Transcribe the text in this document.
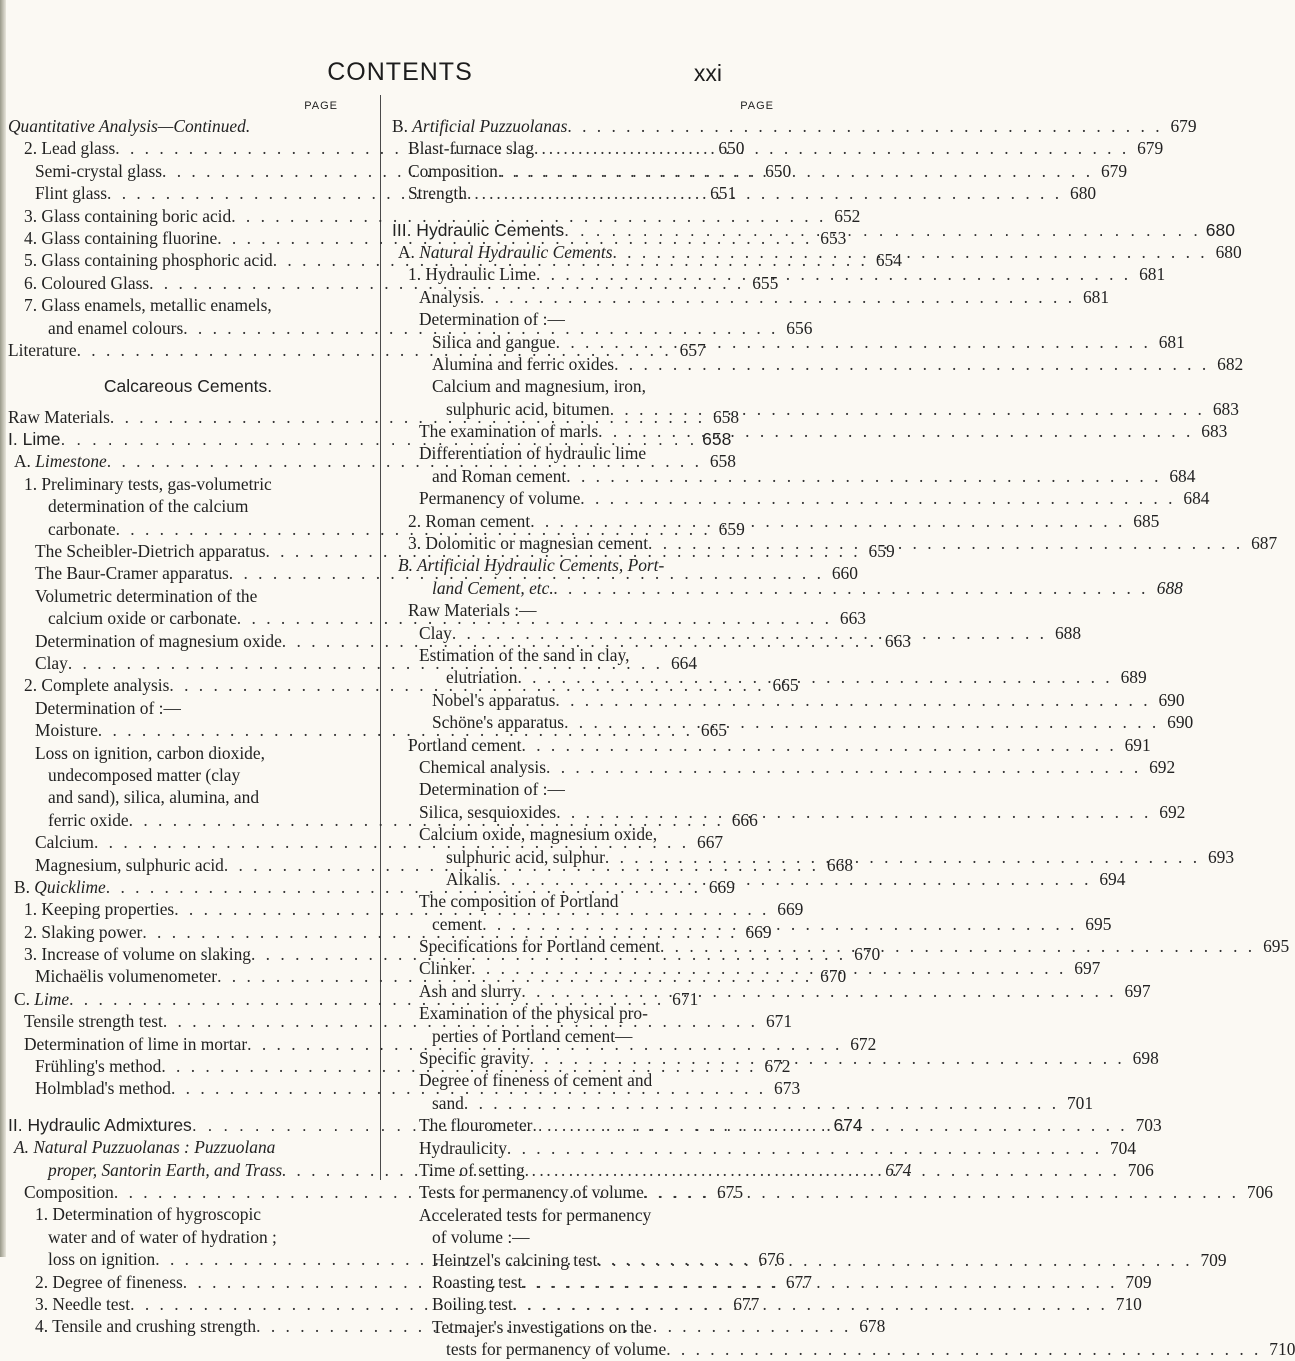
CONTENTS	xxi
PAGE
Quantitative Analysis—Continued.
2. Lead glass . . .	650
Semi-crystal glass . . .	650
Flint glass . . .	651
3. Glass containing boric acid . . .	652
4. Glass containing fluorine . . .	653
5. Glass containing phosphoric acid . . .	654
6. Coloured Glass . . .	655
7. Glass enamels, metallic enamels,
and enamel colours . . .	656
Literature . . .	657
Calcareous Cements.
Raw Materials . . .	658
I. Lime . . .	658
A. Limestone . . .	658
1. Preliminary tests, gas-volumetric
determination of the calcium
carbonate . . .	659
The Scheibler-Dietrich apparatus . . .	659
The Baur-Cramer apparatus . . .	660
Volumetric determination of the
calcium oxide or carbonate . . .	663
Determination of magnesium oxide . . .	663
Clay . . .	664
2. Complete analysis . . .	665
Determination of :—
Moisture . . .	665
Loss on ignition, carbon dioxide,
undecomposed matter (clay
and sand), silica, alumina, and
ferric oxide . . .	666
Calcium . . .	667
Magnesium, sulphuric acid . . .	668
B. Quicklime . . .	669
1. Keeping properties . . .	669
2. Slaking power . . .	669
3. Increase of volume on slaking . . .	670
Michaëlis volumenometer . . .	670
C. Lime . . .	671
Tensile strength test . . .	671
Determination of lime in mortar . . .	672
Frühling's method . . .	672
Holmblad's method . . .	673
II. Hydraulic Admixtures . . .	674
A. Natural Puzzuolanas : Puzzuolana
proper, Santorin Earth, and Trass . . .	674
Composition . . .	675
1. Determination of hygroscopic
water and of water of hydration ;
loss on ignition . . .	676
2. Degree of fineness . . .	677
3. Needle test . . .	677
4. Tensile and crushing strength . . .	678
PAGE
B. Artificial Puzzuolanas . . .	679
Blast-furnace slag . . .	679
Composition . . .	679
Strength . . .	680
III. Hydraulic Cements . . .	680
A. Natural Hydraulic Cements . . .	680
1. Hydraulic Lime . . .	681
Analysis . . .	681
Determination of :—
Silica and gangue . . .	681
Alumina and ferric oxides . . .	682
Calcium and magnesium, iron,
sulphuric acid, bitumen . . .	683
The examination of marls . . .	683
Differentiation of hydraulic lime
and Roman cement . . .	684
Permanency of volume . . .	684
2. Roman cement . . .	685
3. Dolomitic or magnesian cement . . .	687
B. Artificial Hydraulic Cements, Port-
land Cement, etc. . . .	688
Raw Materials :—
Clay . . .	688
Estimation of the sand in clay,
elutriation . . .	689
Nobel's apparatus . . .	690
Schöne's apparatus . . .	690
Portland cement . . .	691
Chemical analysis . . .	692
Determination of :—
Silica, sesquioxides . . .	692
Calcium oxide, magnesium oxide,
sulphuric acid, sulphur . . .	693
Alkalis . . .	694
The composition of Portland
cement . . .	695
Specifications for Portland cement . . .	695
Clinker . . .	697
Ash and slurry . . .	697
Examination of the physical pro-
perties of Portland cement—
Specific gravity . . .	698
Degree of fineness of cement and
sand . . .	701
The flourometer . . .	703
Hydraulicity . . .	704
Time of setting . . .	706
Tests for permanency of volume . . .	706
Accelerated tests for permanency
of volume :—
Heintzel's calcining test . . .	709
Roasting test . . .	709
Boiling test . . .	710
Tetmajer's investigations on the
tests for permanency of volume . . .	710
